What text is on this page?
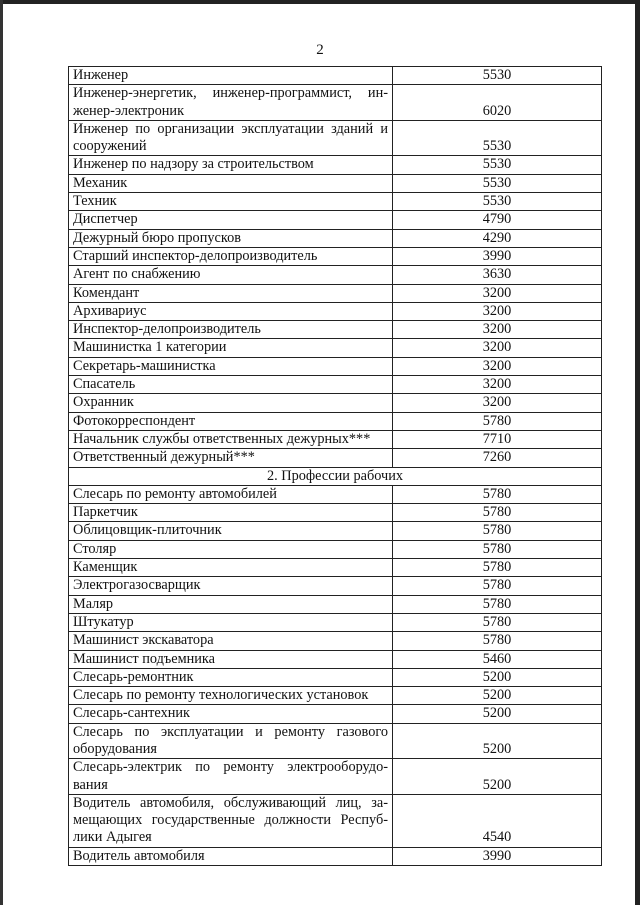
2
Инженер	5530

Инженер-энергетик, инженер-программист, ин-
женер-электроник	6020

Инженер по организации эксплуатации зданий и
сооружений	5530
Инженер по надзору за строительством	5530
Механик	5530
Техник	5530
Диспетчер	4790
Дежурный бюро пропусков	4290
Старший инспектор-делопроизводитель	3990
Агент по снабжению	3630
Комендант	3200
Архивариус	3200
Инспектор-делопроизводитель	3200
Машинистка 1 категории	3200
Секретарь-машинистка	3200
Спасатель	3200
Охранник	3200
Фотокорреспондент	5780
Начальник службы ответственных дежурных***	7710
Ответственный дежурный***	7260
2. Профессии рабочих	
Слесарь по ремонту автомобилей	5780
Паркетчик	5780
Облицовщик-плиточник	5780
Столяр	5780
Каменщик	5780
Электрогазосварщик	5780
Маляр	5780
Штукатур	5780
Машинист экскаватора	5780
Машинист подъемника	5460
Слесарь-ремонтник	5200
Слесарь по ремонту технологических установок	5200
Слесарь-сантехник	5200

Слесарь по эксплуатации и ремонту газового
оборудования	5200

Слесарь-электрик по ремонту электрооборудо-
вания	5200

Водитель автомобиля, обслуживающий лиц, за-
мещающих государственные должности Респуб-
лики Адыгея	4540
Водитель автомобиля	3990
